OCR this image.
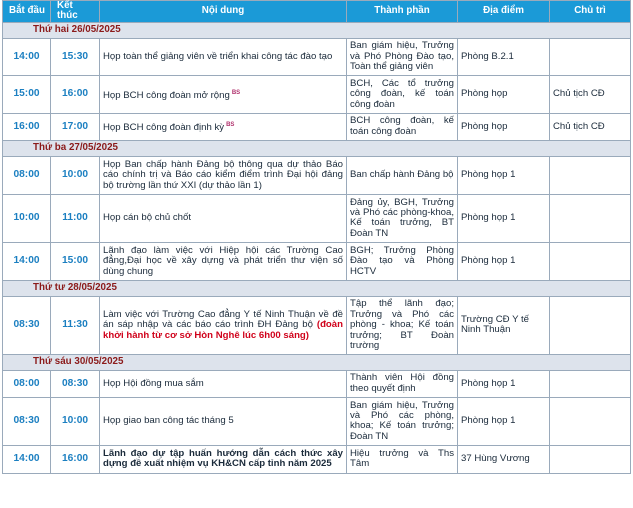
Bắt đầu	Kết thúc	Nội dung	Thành phần	Địa điểm	Chủ trì
Thứ hai 26/05/2025					
14:00	15:30	Họp toàn thể giảng viên về triển khai công tác đào tạo	Ban giám hiệu, Trưởng và Phó Phòng Đào tạo, Toàn thể giảng viên	Phòng B.2.1	
15:00	16:00	Họp BCH công đoàn mở rộng $^{BS}$	BCH, Các tổ trưởng công đoàn, kế toán công đoàn	Phòng họp	Chủ tịch CĐ
16:00	17:00	Họp BCH công đoàn định kỳ $^{BS}$	BCH công đoàn, kế toán công đoàn	Phòng họp	Chủ tịch CĐ
Thứ ba 27/05/2025					
08:00	10:00	Họp Ban chấp hành Đảng bộ thông qua dự thảo Báo cáo chính trị và Báo cáo kiểm điểm trình Đại hội đảng bộ trường lần thứ XXI (dự thảo lần 1)	Ban chấp hành Đảng bộ	Phòng họp 1	
10:00	11:00	Họp cán bộ chủ chốt	Đảng ủy, BGH, Trưởng và Phó các phòng-khoa, Kế toán trưởng, BT Đoàn TN	Phòng họp 1	
14:00	15:00	Lãnh đạo làm việc với Hiệp hội các Trường Cao đẳng,Đại học về xây dựng và phát triển thư viện số dùng chung	BGH; Trưởng Phòng Đào tạo và Phòng HCTV	Phòng họp 1	
Thứ tư 28/05/2025					
08:30	11:30	Làm việc với Trường Cao đẳng Y tế Ninh Thuận về đề án sáp nhập và các báo cáo trình ĐH Đảng bộ (đoàn khởi hành từ cơ sở Hòn Nghê lúc 6h00 sáng)	Tập thể lãnh đạo; Trưởng và Phó các phòng - khoa; Kế toán trưởng; BT Đoàn trường	Trường CĐ Y tế Ninh Thuận	
Thứ sáu 30/05/2025					
08:00	08:30	Họp Hội đồng mua sắm	Thành viên Hội đồng theo quyết định	Phòng họp 1	
08:30	10:00	Họp giao ban công tác tháng 5	Ban giám hiệu, Trưởng và Phó các phòng, khoa; Kế toán trưởng; Đoàn TN	Phòng họp 1	
14:00	16:00	Lãnh đạo dự tập huấn hướng dẫn cách thức xây dựng đề xuất nhiệm vụ KH&CN cấp tỉnh năm 2025	Hiệu trưởng và Ths Tâm	37 Hùng Vương	
